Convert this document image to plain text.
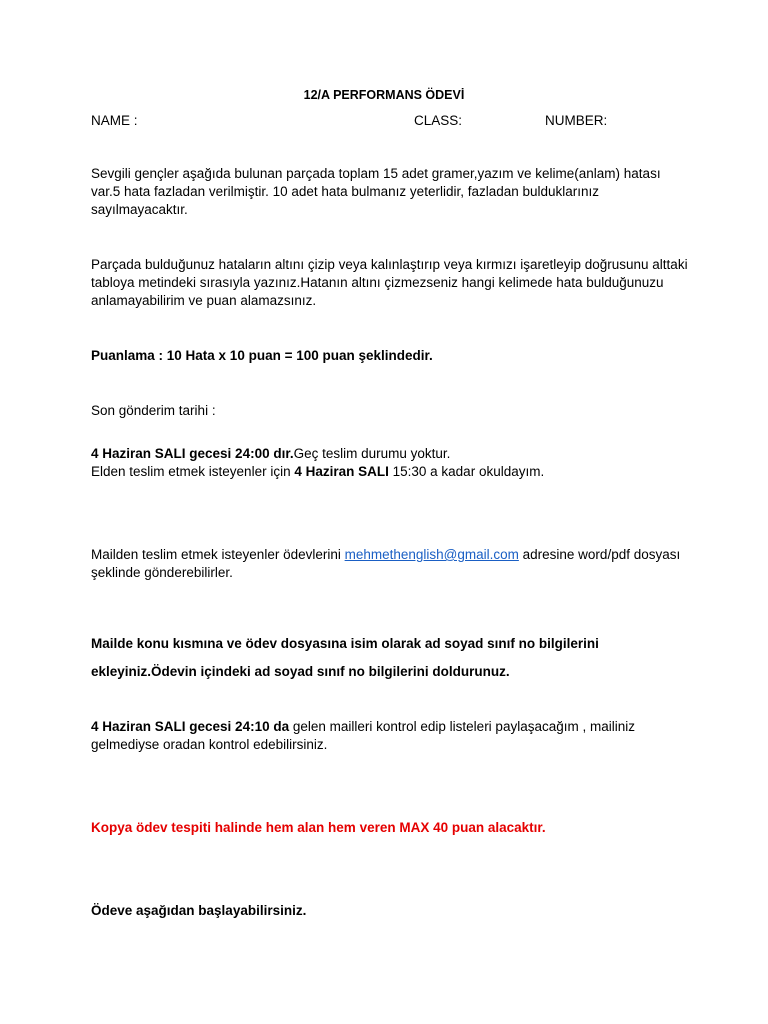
12/A PERFORMANS ÖDEVİ
NAME :	CLASS:	NUMBER:
Sevgili gençler aşağıda bulunan parçada toplam 15 adet gramer,yazım ve kelime(anlam) hatası var.5 hata fazladan verilmiştir. 10 adet hata bulmanız yeterlidir, fazladan bulduklarınız sayılmayacaktır.
Parçada bulduğunuz hataların altını çizip veya kalınlaştırıp veya kırmızı işaretleyip doğrusunu alttaki tabloya metindeki sırasıyla yazınız.Hatanın altını çizmezseniz hangi kelimede hata bulduğunuzu anlamayabilirim ve puan alamazsınız.
Puanlama : 10 Hata x 10 puan = 100 puan şeklindedir.
Son gönderim tarihi :
4 Haziran SALI gecesi 24:00 dır.Geç teslim durumu yoktur.
Elden teslim etmek isteyenler için 4 Haziran SALI 15:30 a kadar okuldayım.
Mailden teslim etmek isteyenler ödevlerini mehmethenglish@gmail.com adresine word/pdf dosyası şeklinde gönderebilirler.
Mailde konu kısmına ve ödev dosyasına isim olarak ad soyad sınıf no bilgilerini
ekleyiniz.Ödevin içindeki ad soyad sınıf no bilgilerini doldurunuz.
4 Haziran SALI gecesi 24:10 da gelen mailleri kontrol edip listeleri paylaşacağım , mailiniz gelmediyse oradan kontrol edebilirsiniz.
Kopya ödev tespiti halinde hem alan hem veren MAX 40 puan alacaktır.
Ödeve aşağıdan başlayabilirsiniz.
